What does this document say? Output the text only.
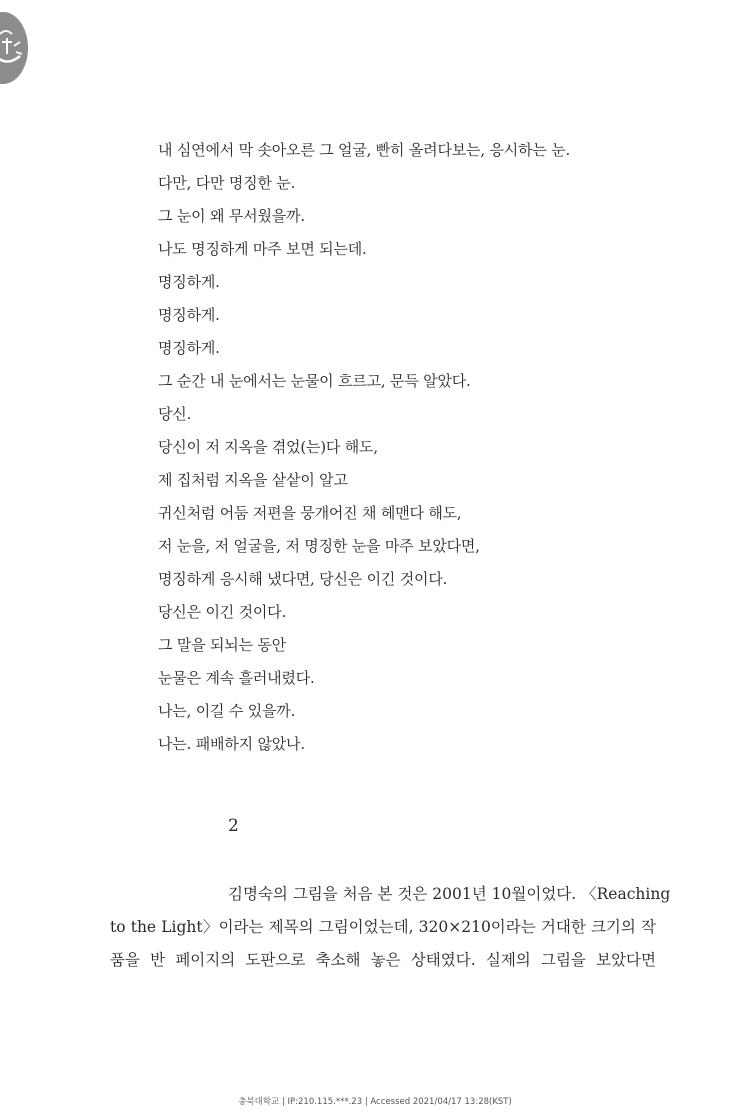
내 심연에서 막 솟아오른 그 얼굴, 빤히 올려다보는, 응시하는 눈.
다만, 다만 명징한 눈.
그 눈이 왜 무서웠을까.
나도 명징하게 마주 보면 되는데.
명징하게.
명징하게.
명징하게.
그 순간 내 눈에서는 눈물이 흐르고, 문득 알았다.
당신.
당신이 저 지옥을 겪었(는)다 해도,
제 집처럼 지옥을 샅샅이 알고
귀신처럼 어둠 저편을 뭉개어진 채 헤맨다 해도,
저 눈을, 저 얼굴을, 저 명징한 눈을 마주 보았다면,
명징하게 응시해 냈다면, 당신은 이긴 것이다.
당신은 이긴 것이다.
그 말을 되뇌는 동안
눈물은 계속 흘러내렸다.
나는, 이길 수 있을까.
나는. 패배하지 않았나.
2
김명숙의 그림을 처음 본 것은 2001년 10월이었다. 〈Reaching
to the Light〉이라는 제목의 그림이었는데, 320×210이라는 거대한 크기의 작
품을 반 페이지의 도판으로 축소해 놓은 상태였다. 실제의 그림을 보았다면
충북대학교 | IP:210.115.***.23 | Accessed 2021/04/17 13:28(KST)
